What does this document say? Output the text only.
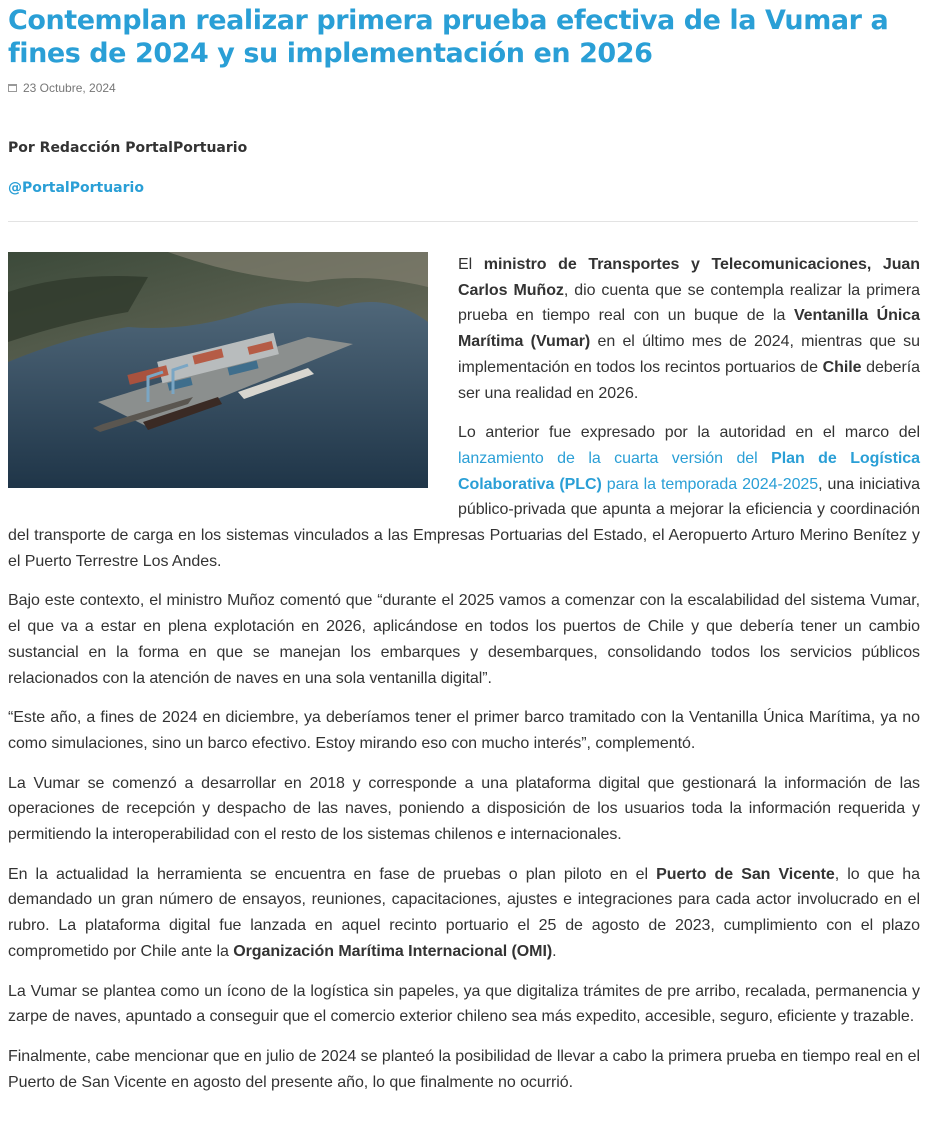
Contemplan realizar primera prueba efectiva de la Vumar a fines de 2024 y su implementación en 2026
23 Octubre, 2024
Por Redacción PortalPortuario
@PortalPortuario

El ministro de Transportes y Telecomunicaciones, Juan Carlos Muñoz, dio cuenta que se contempla realizar la primera prueba en tiempo real con un buque de la Ventanilla Única Marítima (Vumar) en el último mes de 2024, mientras que su implementación en todos los recintos portuarios de Chile debería ser una realidad en 2026.

Lo anterior fue expresado por la autoridad en el marco del lanzamiento de la cuarta versión del Plan de Logística Colaborativa (PLC) para la temporada 2024-2025, una iniciativa público-privada que apunta a mejorar la eficiencia y coordinación del transporte de carga en los sistemas vinculados a las Empresas Portuarias del Estado, el Aeropuerto Arturo Merino Benítez y el Puerto Terrestre Los Andes.

Bajo este contexto, el ministro Muñoz comentó que “durante el 2025 vamos a comenzar con la escalabilidad del sistema Vumar, el que va a estar en plena explotación en 2026, aplicándose en todos los puertos de Chile y que debería tener un cambio sustancial en la forma en que se manejan los embarques y desembarques, consolidando todos los servicios públicos relacionados con la atención de naves en una sola ventanilla digital”.

“Este año, a fines de 2024 en diciembre, ya deberíamos tener el primer barco tramitado con la Ventanilla Única Marítima, ya no como simulaciones, sino un barco efectivo. Estoy mirando eso con mucho interés”, complementó.

La Vumar se comenzó a desarrollar en 2018 y corresponde a una plataforma digital que gestionará la información de las operaciones de recepción y despacho de las naves, poniendo a disposición de los usuarios toda la información requerida y permitiendo la interoperabilidad con el resto de los sistemas chilenos e internacionales.

En la actualidad la herramienta se encuentra en fase de pruebas o plan piloto en el Puerto de San Vicente, lo que ha demandado un gran número de ensayos, reuniones, capacitaciones, ajustes e integraciones para cada actor involucrado en el rubro. La plataforma digital fue lanzada en aquel recinto portuario el 25 de agosto de 2023, cumplimiento con el plazo comprometido por Chile ante la Organización Marítima Internacional (OMI).

La Vumar se plantea como un ícono de la logística sin papeles, ya que digitaliza trámites de pre arribo, recalada, permanencia y zarpe de naves, apuntado a conseguir que el comercio exterior chileno sea más expedito, accesible, seguro, eficiente y trazable.

Finalmente, cabe mencionar que en julio de 2024 se planteó la posibilidad de llevar a cabo la primera prueba en tiempo real en el Puerto de San Vicente en agosto del presente año, lo que finalmente no ocurrió.
